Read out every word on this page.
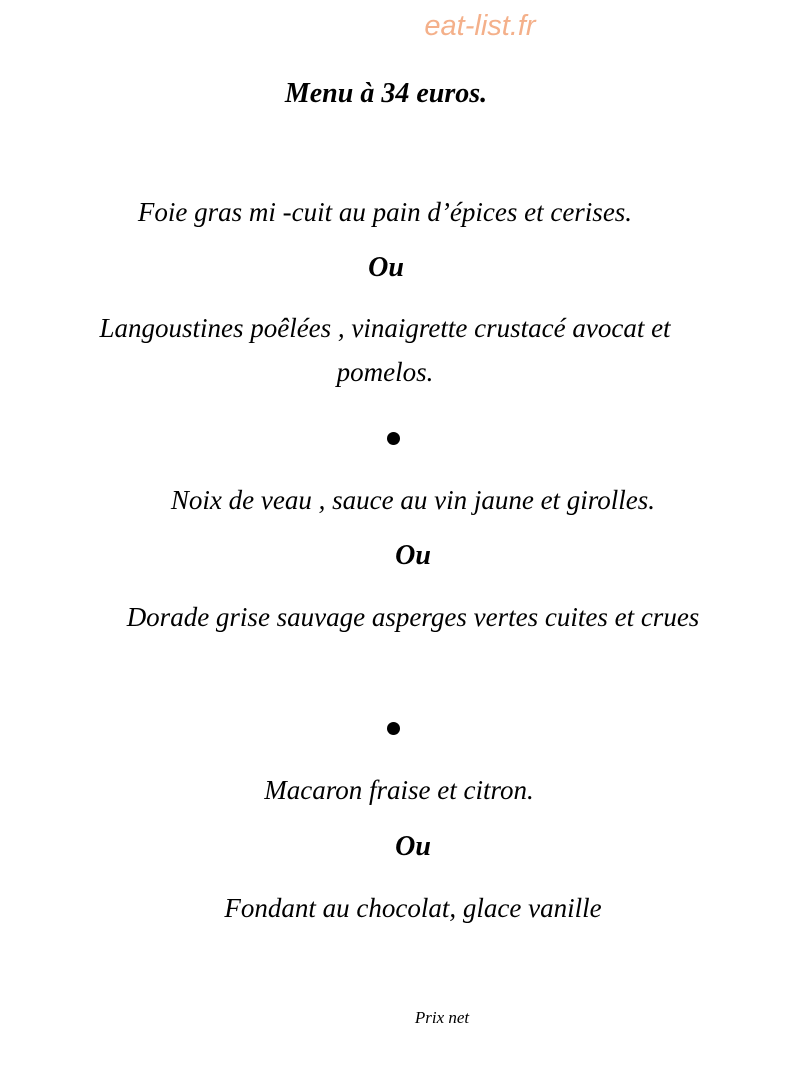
eat-list.fr
Menu à 34 euros.
Foie gras mi -cuit au pain d’épices et cerises.
Ou
Langoustines poêlées , vinaigrette crustacé avocat et pomelos.
Noix de veau , sauce au vin jaune et girolles.
Ou
Dorade grise sauvage asperges vertes cuites et crues
Macaron fraise et citron.
Ou
Fondant au chocolat, glace vanille
Prix net
